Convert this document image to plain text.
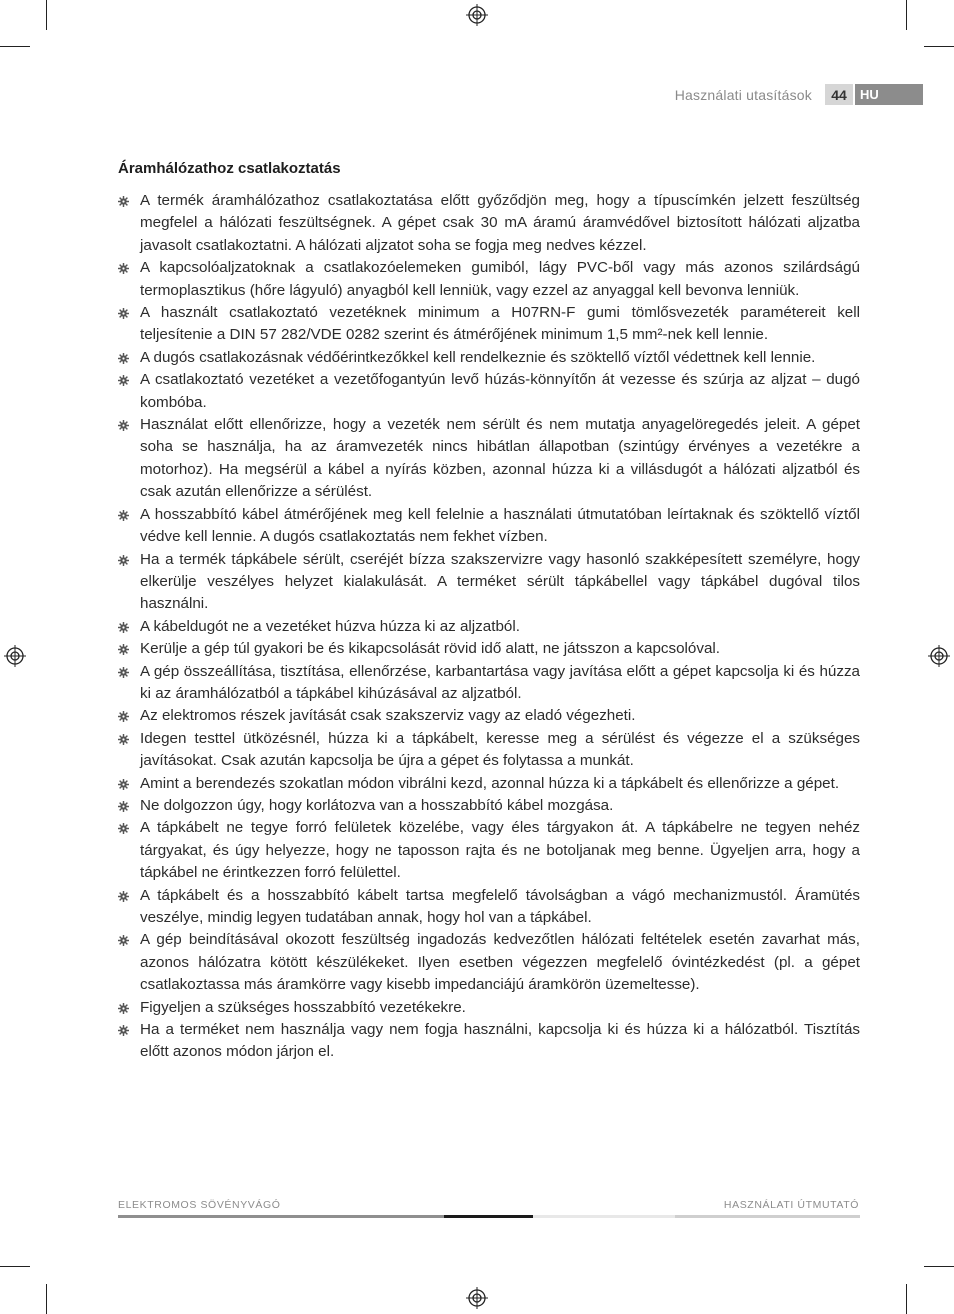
Használati utasítások	44	HU
Áramhálózathoz csatlakoztatás
A termék áramhálózathoz csatlakoztatása előtt győződjön meg, hogy a típuscímkén jelzett feszültség megfelel a hálózati feszültségnek. A gépet csak 30 mA áramú áramvédővel biztosított hálózati aljzatba javasolt csatlakoztatni. A hálózati aljzatot soha se fogja meg nedves kézzel.
A kapcsolóaljzatoknak a csatlakozóelemeken gumiból, lágy PVC-ből vagy más azonos szilárdságú termoplasztikus (hőre lágyuló) anyagból kell lenniük, vagy ezzel az anyaggal kell bevonva lenniük.
A használt csatlakoztató vezetéknek minimum a H07RN-F gumi tömlősvezeték paramétereit kell teljesítenie a DIN 57 282/VDE 0282 szerint és átmérőjének minimum 1,5 mm²-nek kell lennie.
A dugós csatlakozásnak védőérintkezőkkel kell rendelkeznie és szöktellő víztől védettnek kell lennie.
A csatlakoztató vezetéket a vezetőfogantyún levő húzás-könnyítőn át vezesse és szúrja az aljzat – dugó kombóba.
Használat előtt ellenőrizze, hogy a vezeték nem sérült és nem mutatja anyagelöregedés jeleit. A gépet soha se használja, ha az áramvezeték nincs hibátlan állapotban (szintúgy érvényes a vezetékre a motorhoz). Ha megsérül a kábel a nyírás közben, azonnal húzza ki a villásdugót a hálózati aljzatból és csak azután ellenőrizze a sérülést.
A hosszabbító kábel átmérőjének meg kell felelnie a használati útmutatóban leírtaknak és szöktellő víztől védve kell lennie. A dugós csatlakoztatás nem fekhet vízben.
Ha a termék tápkábele sérült, cseréjét bízza szakszervizre vagy hasonló szakképesített személyre, hogy elkerülje veszélyes helyzet kialakulását. A terméket sérült tápkábellel vagy tápkábel dugóval tilos használni.
A kábeldugót ne a vezetéket húzva húzza ki az aljzatból.
Kerülje a gép túl gyakori be és kikapcsolását rövid idő alatt, ne játsszon a kapcsolóval.
A gép összeállítása, tisztítása, ellenőrzése, karbantartása vagy javítása előtt a gépet kapcsolja ki és húzza ki az áramhálózatból a tápkábel kihúzásával az aljzatból.
Az elektromos részek javítását csak szakszerviz vagy az eladó végezheti.
Idegen testtel ütközésnél, húzza ki a tápkábelt, keresse meg a sérülést és végezze el a szükséges javításokat. Csak azután kapcsolja be újra a gépet és folytassa a munkát.
Amint a berendezés szokatlan módon vibrálni kezd, azonnal húzza ki a tápkábelt és ellenőrizze a gépet.
Ne dolgozzon úgy, hogy korlátozva van a hosszabbító kábel mozgása.
A tápkábelt ne tegye forró felületek közelébe, vagy éles tárgyakon át. A tápkábelre ne tegyen nehéz tárgyakat, és úgy helyezze, hogy ne taposson rajta és ne botoljanak meg benne. Ügyeljen arra, hogy a tápkábel ne érintkezzen forró felülettel.
A tápkábelt és a hosszabbító kábelt tartsa megfelelő távolságban a vágó mechanizmustól. Áramütés veszélye, mindig legyen tudatában annak, hogy hol van a tápkábel.
A gép beindításával okozott feszültség ingadozás kedvezőtlen hálózati feltételek esetén zavarhat más, azonos hálózatra kötött készülékeket. Ilyen esetben végezzen megfelelő óvintézkedést (pl. a gépet csatlakoztassa más áramkörre vagy kisebb impedanciájú áramkörön üzemeltesse).
Figyeljen a szükséges hosszabbító vezetékekre.
Ha a terméket nem használja vagy nem fogja használni, kapcsolja ki és húzza ki a hálózatból. Tisztítás előtt azonos módon járjon el.
ELEKTROMOS SÖVÉNYVÁGÓ	HASZNÁLATI ÚTMUTATÓ
